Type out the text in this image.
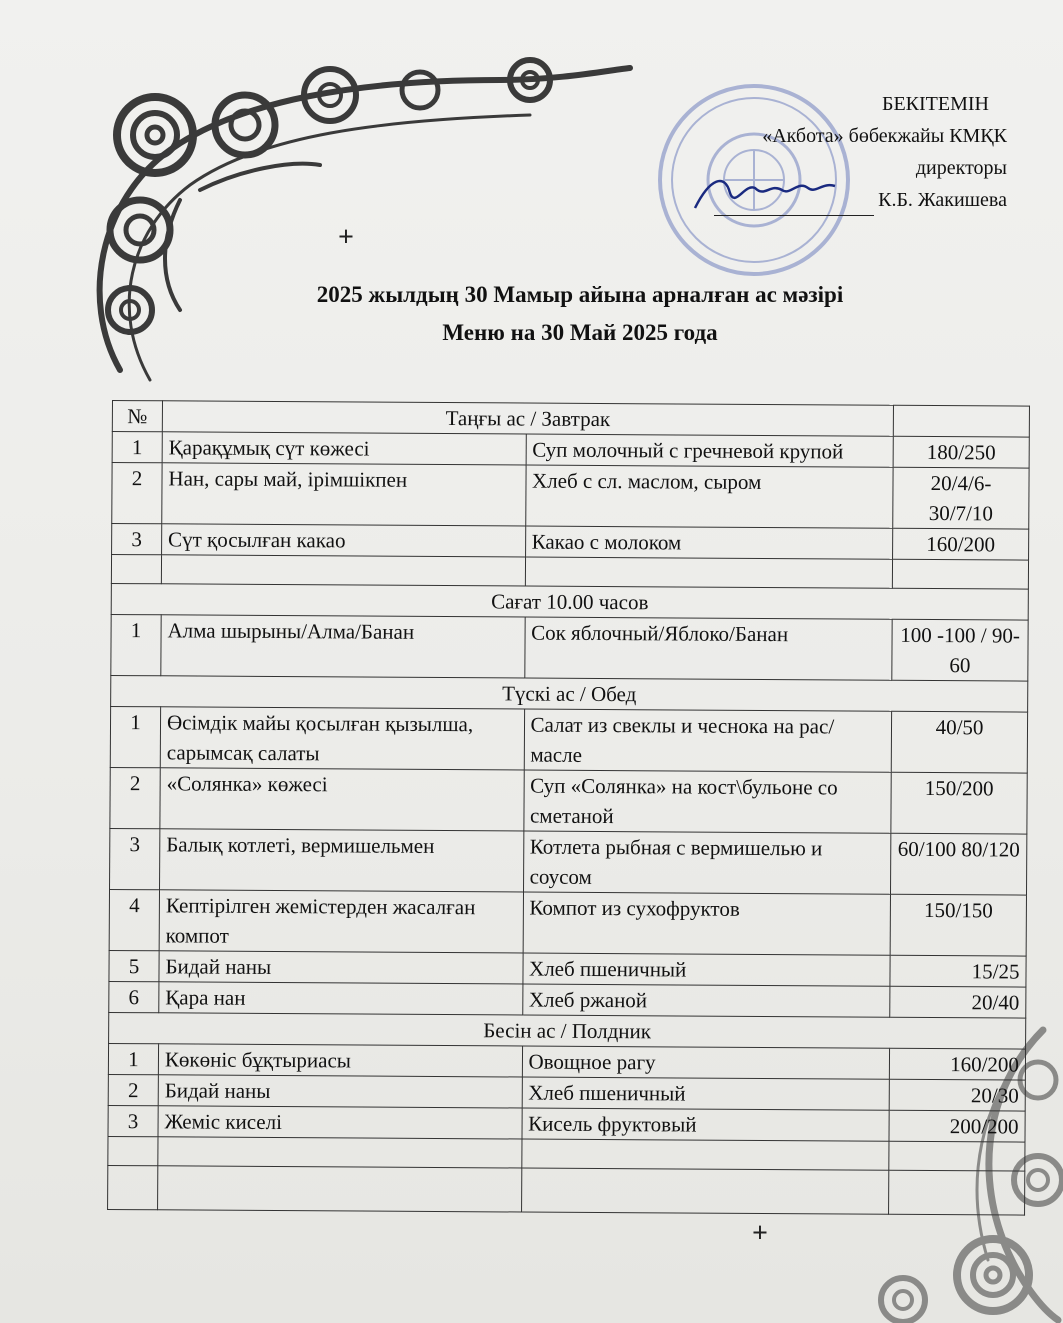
БЕКІТЕМІН
«Акбота» бөбекжайы КМҚК
директоры
К.Б. Жакишева
+
+
2025 жылдың 30 Мамыр айына арналған ас мәзірі
Меню на 30 Май 2025 года
№	Таңғы ас / Завтрак		
1	Қарақұмық сүт көжесі	Суп молочный с гречневой крупой	180/250
2	Нан, сары май, ірімшікпен	Хлеб с сл. маслом, сыром	20/4/6-30/7/10
3	Сүт қосылған какао	Какао с молоком	160/200

Сағат 10.00 часов			
1	Алма шырыны/Алма/Банан	Сок яблочный/Яблоко/Банан	100 -100 / 90-60
Түскі ас / Обед			
1	Өсімдік майы қосылған қызылша, сарымсақ салаты	Салат из свеклы и чеснока на рас/масле	40/50
2	«Солянка» көжесі	Суп «Солянка» на кост\бульоне со сметаной	150/200
3	Балық котлеті, вермишельмен	Котлета рыбная с вермишелью и соусом	60/100 80/120
4	Кептірілген жемістерден жасалған компот	Компот из сухофруктов	150/150
5	Бидай наны	Хлеб пшеничный	15/25
6	Қара нан	Хлеб ржаной	20/40
Бесін ас / Полдник			
1	Көкөніс бұқтыриасы	Овощное рагу	160/200
2	Бидай наны	Хлеб пшеничный	20/30
3	Жеміс киселі	Кисель фруктовый	200/200
